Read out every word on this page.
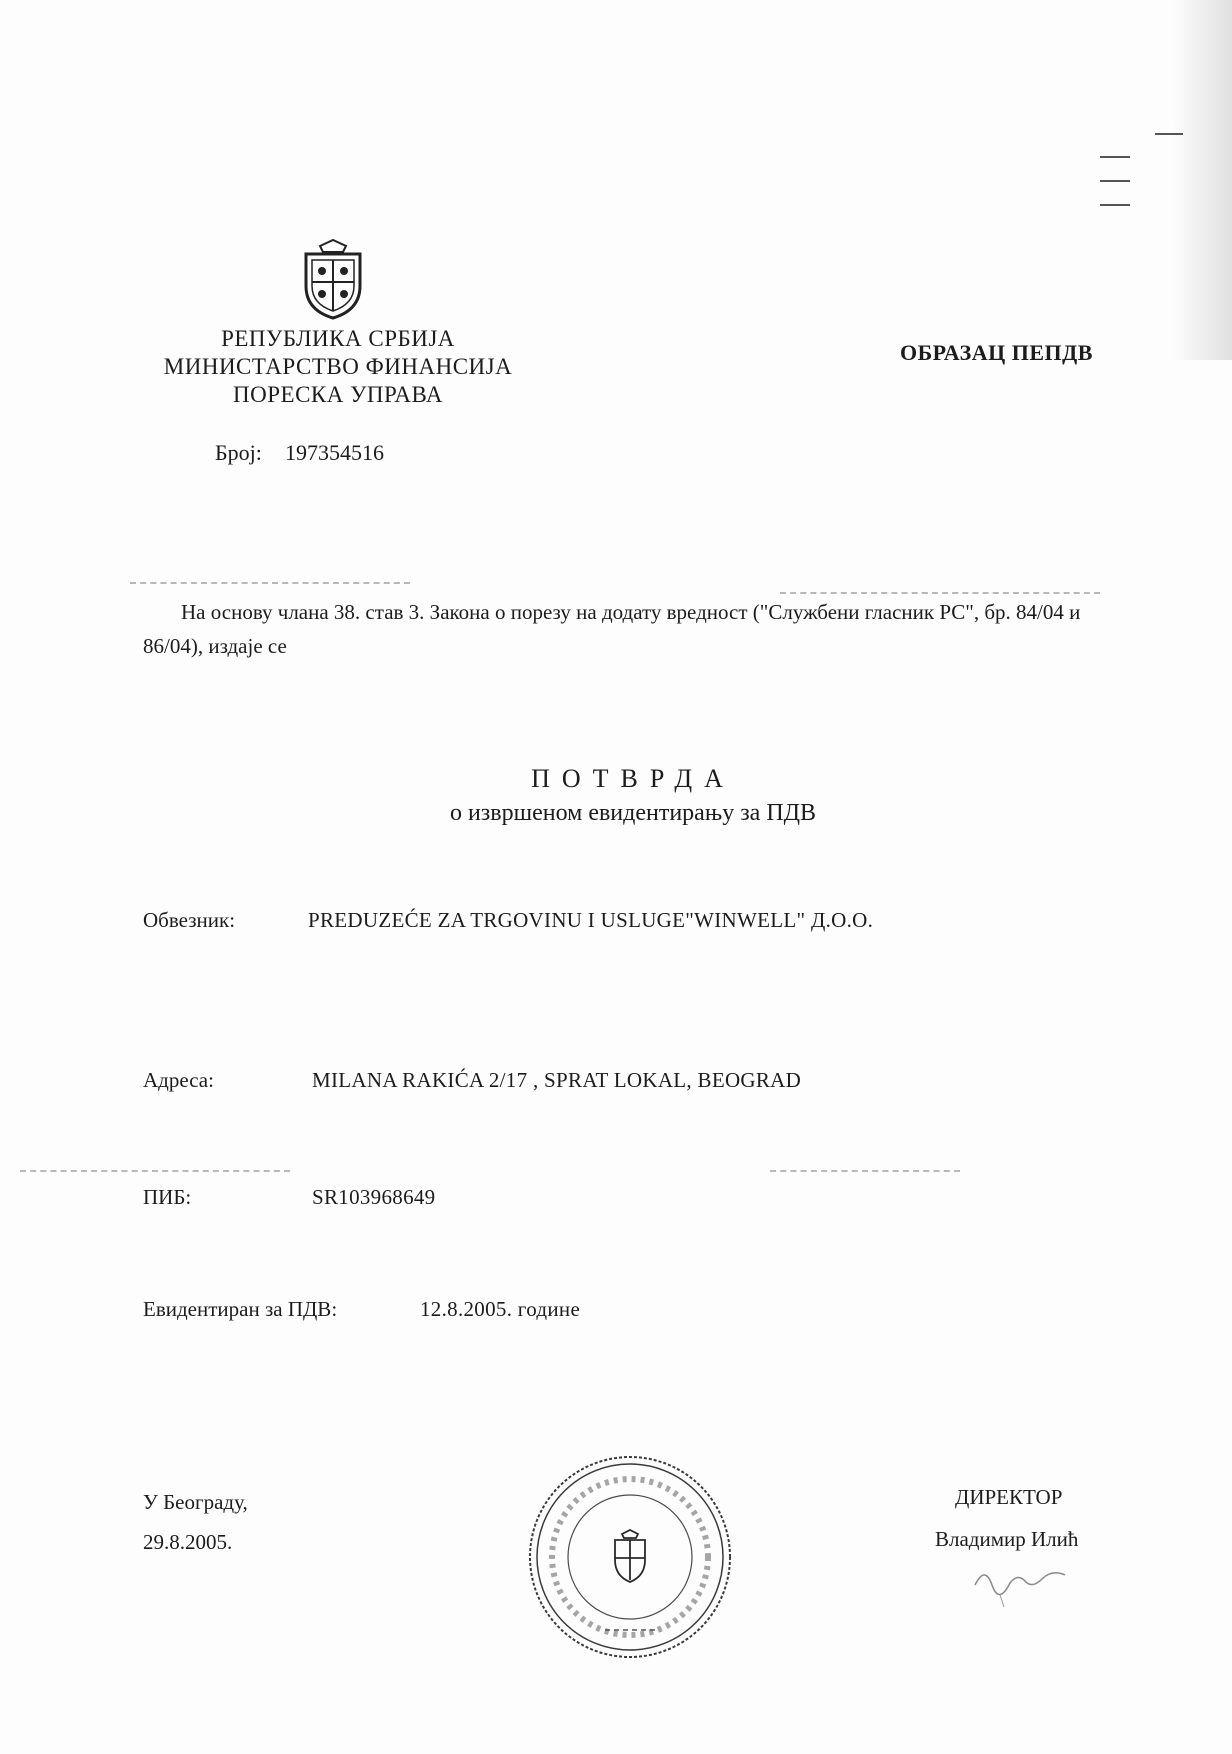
РЕПУБЛИКА СРБИЈА
МИНИСТАРСТВО ФИНАНСИЈА
ПОРЕСКА УПРАВА
ОБРАЗАЦ ПЕПДВ
Број: 197354516
На основу члана 38. став 3. Закона о порезу на додату вредност ("Службени гласник РС", бр. 84/04 и 86/04), издаје се
ПОТВРДА
о извршеном евидентирању за ПДВ
Обвезник:	PREDUZEĆE ZA TRGOVINU I USLUGE"WINWELL" Д.О.О.
Адреса:	MILANA RAKIĆA 2/17 , SPRAT LOKAL, BEOGRAD
ПИБ:	SR103968649
Евидентиран за ПДВ:	12.8.2005. године
У Београду,
29.8.2005.
ДИРЕКТОР
Владимир Илић
